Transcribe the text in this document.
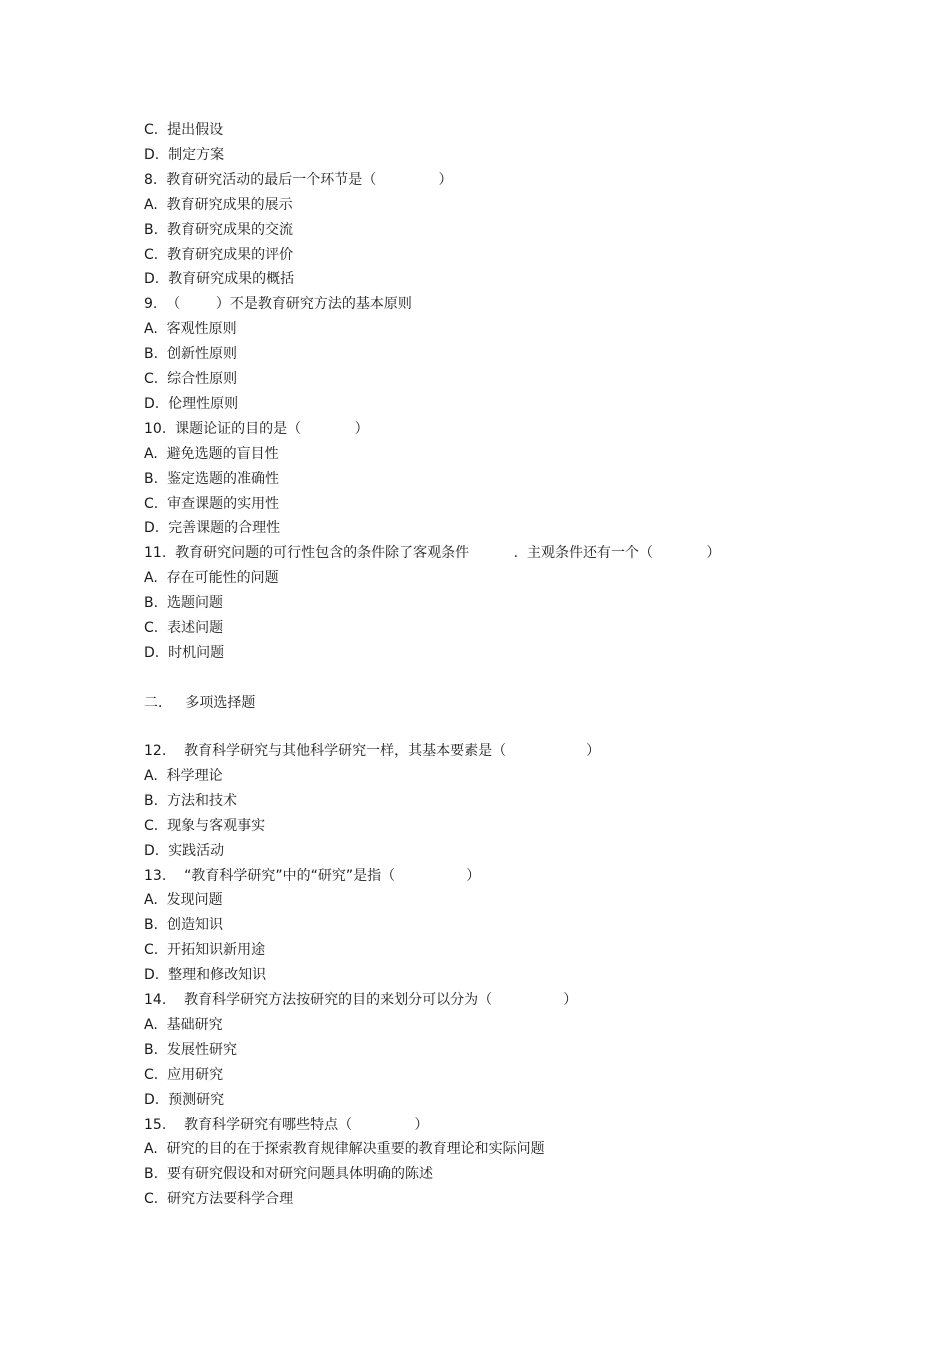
C.  提出假设
D.  制定方案
8.  教育研究活动的最后一个环节是（              ）
A.  教育研究成果的展示
B.  教育研究成果的交流
C.  教育研究成果的评价
D.  教育研究成果的概括
9.  （        ）不是教育研究方法的基本原则
A.  客观性原则
B.  创新性原则
C.  综合性原则
D.  伦理性原则
10.  课题论证的目的是（            ）
A.  避免选题的盲目性
B.  鉴定选题的准确性
C.  审查课题的实用性
D.  完善课题的合理性
11.  教育研究问题的可行性包含的条件除了客观条件          .  主观条件还有一个（            ）
A.  存在可能性的问题
B.  选题问题
C.  表述问题
D.  时机问题
二．   多项选择题
12.    教育科学研究与其他科学研究一样，其基本要素是（                  ）
A.  科学理论
B.  方法和技术
C.  现象与客观事实
D.  实践活动
13.    “教育科学研究”中的“研究”是指（                ）
A.  发现问题
B.  创造知识
C.  开拓知识新用途
D.  整理和修改知识
14.    教育科学研究方法按研究的目的来划分可以分为（                ）
A.  基础研究
B.  发展性研究
C.  应用研究
D.  预测研究
15.    教育科学研究有哪些特点（              ）
A.  研究的目的在于探索教育规律解决重要的教育理论和实际问题
B.  要有研究假设和对研究问题具体明确的陈述
C.  研究方法要科学合理
